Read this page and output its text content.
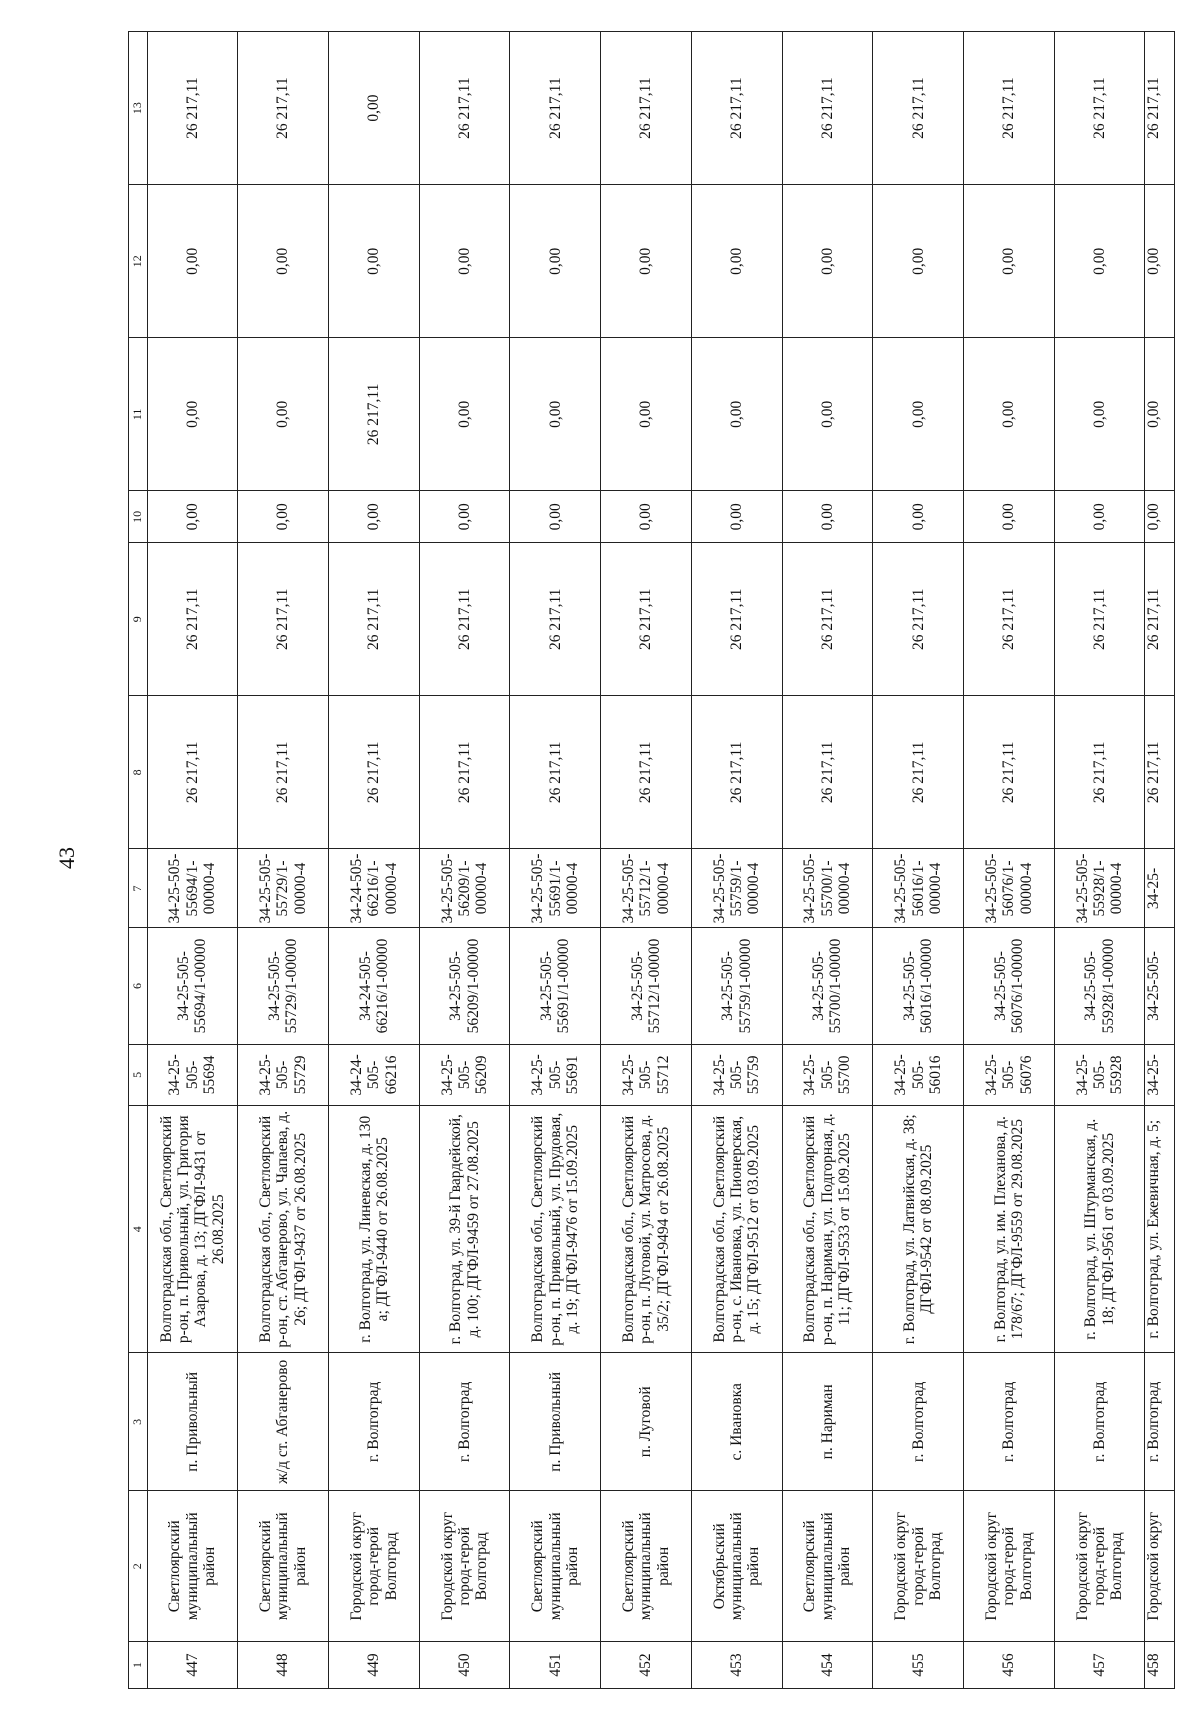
43
1	2	3	4	5	6	7	8	9	10	11	12	13
447	Светлоярский муниципальный район	п. Привольный	Волгоградская обл., Светлоярский р-он, п. Привольный, ул. Григория Азарова, д. 13; ДГФЛ-9431 от 26.08.2025	34-25-505-55694	34-25-505-55694/1-00000	34-25-505-55694/1-00000-4	26 217,11	26 217,11	0,00	0,00	0,00	26 217,11
448	Светлоярский муниципальный район	ж/д ст. Абганерово	Волгоградская обл., Светлоярский р-он, ст. Абганерово, ул. Чапаева, д. 26; ДГФЛ-9437 от 26.08.2025	34-25-505-55729	34-25-505-55729/1-00000	34-25-505-55729/1-00000-4	26 217,11	26 217,11	0,00	0,00	0,00	26 217,11
449	Городской округ город-герой Волгоград	г. Волгоград	г. Волгоград, ул. Линевская, д. 130 а; ДГФЛ-9440 от 26.08.2025	34-24-505-66216	34-24-505-66216/1-00000	34-24-505-66216/1-00000-4	26 217,11	26 217,11	0,00	26 217,11	0,00	0,00
450	Городской округ город-герой Волгоград	г. Волгоград	г. Волгоград, ул. 39-й Гвардейской, д. 100; ДГФЛ-9459 от 27.08.2025	34-25-505-56209	34-25-505-56209/1-00000	34-25-505-56209/1-00000-4	26 217,11	26 217,11	0,00	0,00	0,00	26 217,11
451	Светлоярский муниципальный район	п. Привольный	Волгоградская обл., Светлоярский р-он, п. Привольный, ул. Прудовая, д. 19; ДГФЛ-9476 от 15.09.2025	34-25-505-55691	34-25-505-55691/1-00000	34-25-505-55691/1-00000-4	26 217,11	26 217,11	0,00	0,00	0,00	26 217,11
452	Светлоярский муниципальный район	п. Луговой	Волгоградская обл., Светлоярский р-он, п. Луговой, ул. Матросова, д. 35/2; ДГФЛ-9494 от 26.08.2025	34-25-505-55712	34-25-505-55712/1-00000	34-25-505-55712/1-00000-4	26 217,11	26 217,11	0,00	0,00	0,00	26 217,11
453	Октябрьский муниципальный район	с. Ивановка	Волгоградская обл., Светлоярский р-он, с. Ивановка, ул. Пионерская, д. 15; ДГФЛ-9512 от 03.09.2025	34-25-505-55759	34-25-505-55759/1-00000	34-25-505-55759/1-00000-4	26 217,11	26 217,11	0,00	0,00	0,00	26 217,11
454	Светлоярский муниципальный район	п. Нариман	Волгоградская обл., Светлоярский р-он, п. Нариман, ул. Подгорная, д. 11; ДГФЛ-9533 от 15.09.2025	34-25-505-55700	34-25-505-55700/1-00000	34-25-505-55700/1-00000-4	26 217,11	26 217,11	0,00	0,00	0,00	26 217,11
455	Городской округ город-герой Волгоград	г. Волгоград	г. Волгоград, ул. Латвийская, д. 38; ДГФЛ-9542 от 08.09.2025	34-25-505-56016	34-25-505-56016/1-00000	34-25-505-56016/1-00000-4	26 217,11	26 217,11	0,00	0,00	0,00	26 217,11
456	Городской округ город-герой Волгоград	г. Волгоград	г. Волгоград, ул. им. Плеханова, д. 178/67; ДГФЛ-9559 от 29.08.2025	34-25-505-56076	34-25-505-56076/1-00000	34-25-505-56076/1-00000-4	26 217,11	26 217,11	0,00	0,00	0,00	26 217,11
457	Городской округ город-герой Волгоград	г. Волгоград	г. Волгоград, ул. Штурманская, д. 18; ДГФЛ-9561 от 03.09.2025	34-25-505-55928	34-25-505-55928/1-00000	34-25-505-55928/1-00000-4	26 217,11	26 217,11	0,00	0,00	0,00	26 217,11
458	Городской округ	г. Волгоград	г. Волгоград, ул. Ежевичная, д. 5;	34-25-	34-25-505-	34-25-	26 217,11	26 217,11	0,00	0,00	0,00	26 217,11
